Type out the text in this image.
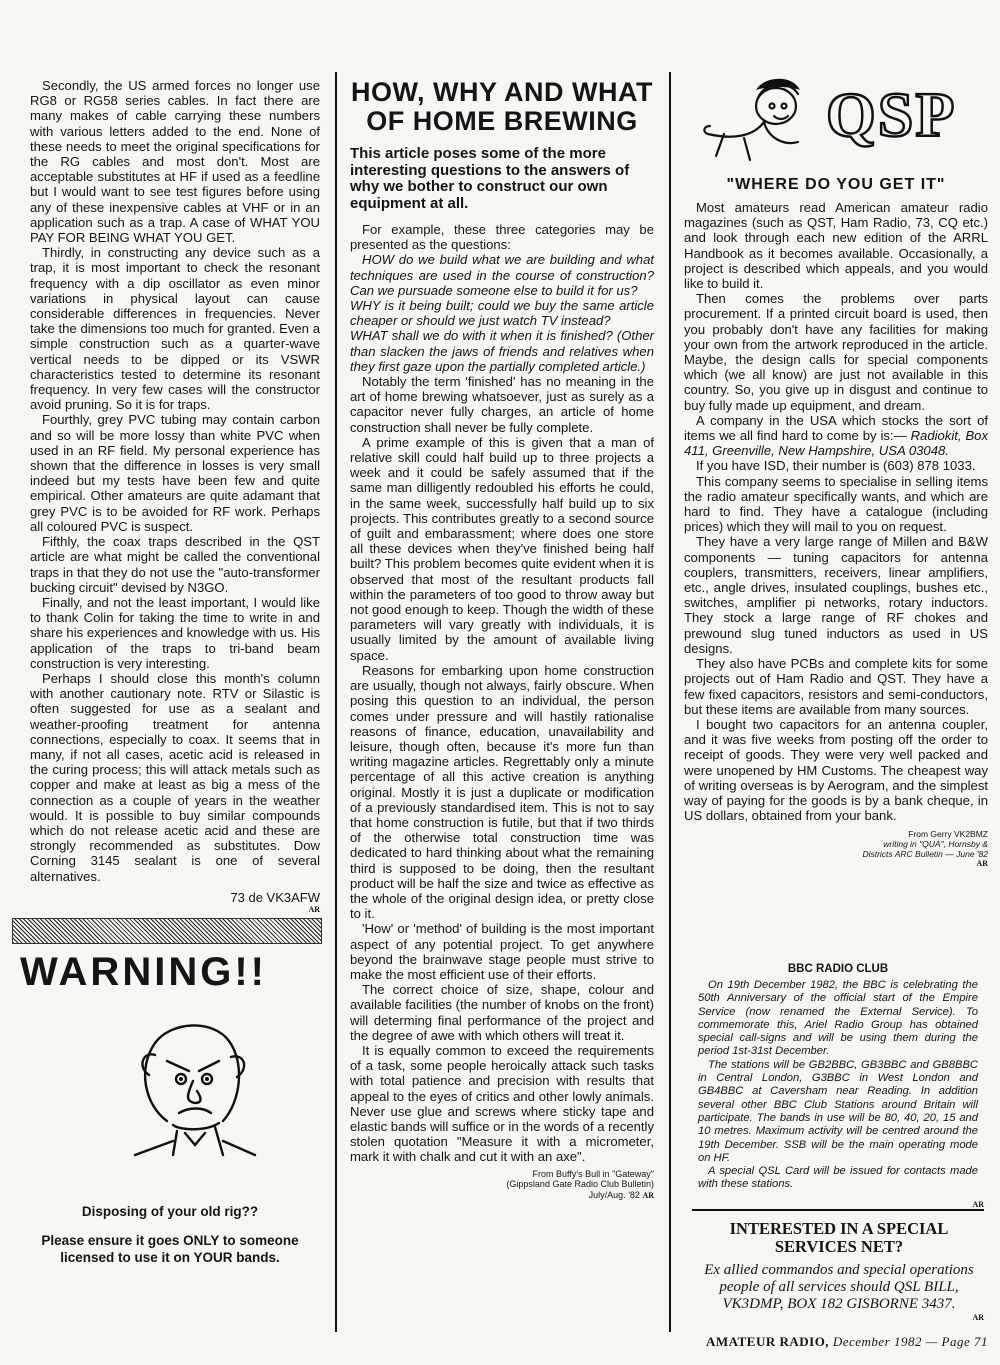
Secondly, the US armed forces no longer use RG8 or RG58 series cables. In fact there are many makes of cable carrying these numbers with various letters added to the end. None of these needs to meet the original specifications for the RG cables and most don't. Most are acceptable substitutes at HF if used as a feedline but I would want to see test figures before using any of these inexpensive cables at VHF or in an application such as a trap. A case of WHAT YOU PAY FOR BEING WHAT YOU GET.

Thirdly, in constructing any device such as a trap, it is most important to check the resonant frequency with a dip oscillator as even minor variations in physical layout can cause considerable differences in frequencies. Never take the dimensions too much for granted. Even a simple construction such as a quarter-wave vertical needs to be dipped or its VSWR characteristics tested to determine its resonant frequency. In very few cases will the constructor avoid pruning. So it is for traps.

Fourthly, grey PVC tubing may contain carbon and so will be more lossy than white PVC when used in an RF field. My personal experience has shown that the difference in losses is very small indeed but my tests have been few and quite empirical. Other amateurs are quite adamant that grey PVC is to be avoided for RF work. Perhaps all coloured PVC is suspect.

Fifthly, the coax traps described in the QST article are what might be called the conventional traps in that they do not use the "auto-transformer bucking circuit" devised by N3GO.

Finally, and not the least important, I would like to thank Colin for taking the time to write in and share his experiences and knowledge with us. His application of the traps to tri-band beam construction is very interesting.

Perhaps I should close this month's column with another cautionary note. RTV or Silastic is often suggested for use as a sealant and weather-proofing treatment for antenna connections, especially to coax. It seems that in many, if not all cases, acetic acid is released in the curing process; this will attack metals such as copper and make at least as big a mess of the connection as a couple of years in the weather would. It is possible to buy similar compounds which do not release acetic acid and these are strongly recommended as substitutes. Dow Corning 3145 sealant is one of several alternatives.

73 de VK3AFW
AR
WARNING!!

Disposing of your old rig??

Please ensure it goes ONLY to someone licensed to use it on YOUR bands.

HOW, WHY AND WHAT OF HOME BREWING

This article poses some of the more interesting questions to the answers of why we bother to construct our own equipment at all.

For example, these three categories may be presented as the questions:

HOW do we build what we are building and what techniques are used in the course of construction? Can we pursuade someone else to build it for us?

WHY is it being built; could we buy the same article cheaper or should we just watch TV instead?

WHAT shall we do with it when it is finished? (Other than slacken the jaws of friends and relatives when they first gaze upon the partially completed article.)

Notably the term 'finished' has no meaning in the art of home brewing whatsoever, just as surely as a capacitor never fully charges, an article of home construction shall never be fully complete.

A prime example of this is given that a man of relative skill could half build up to three projects a week and it could be safely assumed that if the same man dilligently redoubled his efforts he could, in the same week, successfully half build up to six projects. This contributes greatly to a second source of guilt and embarassment; where does one store all these devices when they've finished being half built? This problem becomes quite evident when it is observed that most of the resultant products fall within the parameters of too good to throw away but not good enough to keep. Though the width of these parameters will vary greatly with individuals, it is usually limited by the amount of available living space.

Reasons for embarking upon home construction are usually, though not always, fairly obscure. When posing this question to an individual, the person comes under pressure and will hastily rationalise reasons of finance, education, unavailability and leisure, though often, because it's more fun than writing magazine articles. Regrettably only a minute percentage of all this active creation is anything original. Mostly it is just a duplicate or modification of a previously standardised item. This is not to say that home construction is futile, but that if two thirds of the otherwise total construction time was dedicated to hard thinking about what the remaining third is supposed to be doing, then the resultant product will be half the size and twice as effective as the whole of the original design idea, or pretty close to it.

'How' or 'method' of building is the most important aspect of any potential project. To get anywhere beyond the brainwave stage people must strive to make the most efficient use of their efforts.

The correct choice of size, shape, colour and available facilities (the number of knobs on the front) will determing final performance of the project and the degree of awe with which others will treat it.

It is equally common to exceed the requirements of a task, some people heroically attack such tasks with total patience and precision with results that appeal to the eyes of critics and other lowly animals. Never use glue and screws where sticky tape and elastic bands will suffice or in the words of a recently stolen quotation "Measure it with a micrometer, mark it with chalk and cut it with an axe".

From Buffy's Bull in "Gateway"
(Gippsland Gate Radio Club Bulletin)
July/Aug. '82 AR
QSP
"WHERE DO YOU GET IT"

Most amateurs read American amateur radio magazines (such as QST, Ham Radio, 73, CQ etc.) and look through each new edition of the ARRL Handbook as it becomes available. Occasionally, a project is described which appeals, and you would like to build it.

Then comes the problems over parts procurement. If a printed circuit board is used, then you probably don't have any facilities for making your own from the artwork reproduced in the article. Maybe, the design calls for special components which (we all know) are just not available in this country. So, you give up in disgust and continue to buy fully made up equipment, and dream.

A company in the USA which stocks the sort of items we all find hard to come by is:— Radiokit, Box 411, Greenville, New Hampshire, USA 03048.

If you have ISD, their number is (603) 878 1033.

This company seems to specialise in selling items the radio amateur specifically wants, and which are hard to find. They have a catalogue (including prices) which they will mail to you on request.

They have a very large range of Millen and B&W components — tuning capacitors for antenna couplers, transmitters, receivers, linear amplifiers, etc., angle drives, insulated couplings, bushes etc., switches, amplifier pi networks, rotary inductors. They stock a large range of RF chokes and prewound slug tuned inductors as used in US designs.

They also have PCBs and complete kits for some projects out of Ham Radio and QST. They have a few fixed capacitors, resistors and semi-conductors, but these items are available from many sources.

I bought two capacitors for an antenna coupler, and it was five weeks from posting off the order to receipt of goods. They were very well packed and were unopened by HM Customs. The cheapest way of writing overseas is by Aerogram, and the simplest way of paying for the goods is by a bank cheque, in US dollars, obtained from your bank.

From Gerry VK2BMZ
writing in "QUA", Hornsby &
Districts ARC Bulletin — June '82
AR
BBC RADIO CLUB

On 19th December 1982, the BBC is celebrating the 50th Anniversary of the official start of the Empire Service (now renamed the External Service). To commemorate this, Ariel Radio Group has obtained special call-signs and will be using them during the period 1st-31st December.

The stations will be GB2BBC, GB3BBC and GB8BBC in Central London, G3BBC in West London and GB4BBC at Caversham near Reading. In addition several other BBC Club Stations around Britain will participate. The bands in use will be 80, 40, 20, 15 and 10 metres. Maximum activity will be centred around the 19th December. SSB will be the main operating mode on HF.

A special QSL Card will be issued for contacts made with these stations.

AR
INTERESTED IN A SPECIAL SERVICES NET?
Ex allied commandos and special operations people of all services should QSL BILL, VK3DMP, BOX 182 GISBORNE 3437.
AR
AMATEUR RADIO, December 1982 — Page 71
